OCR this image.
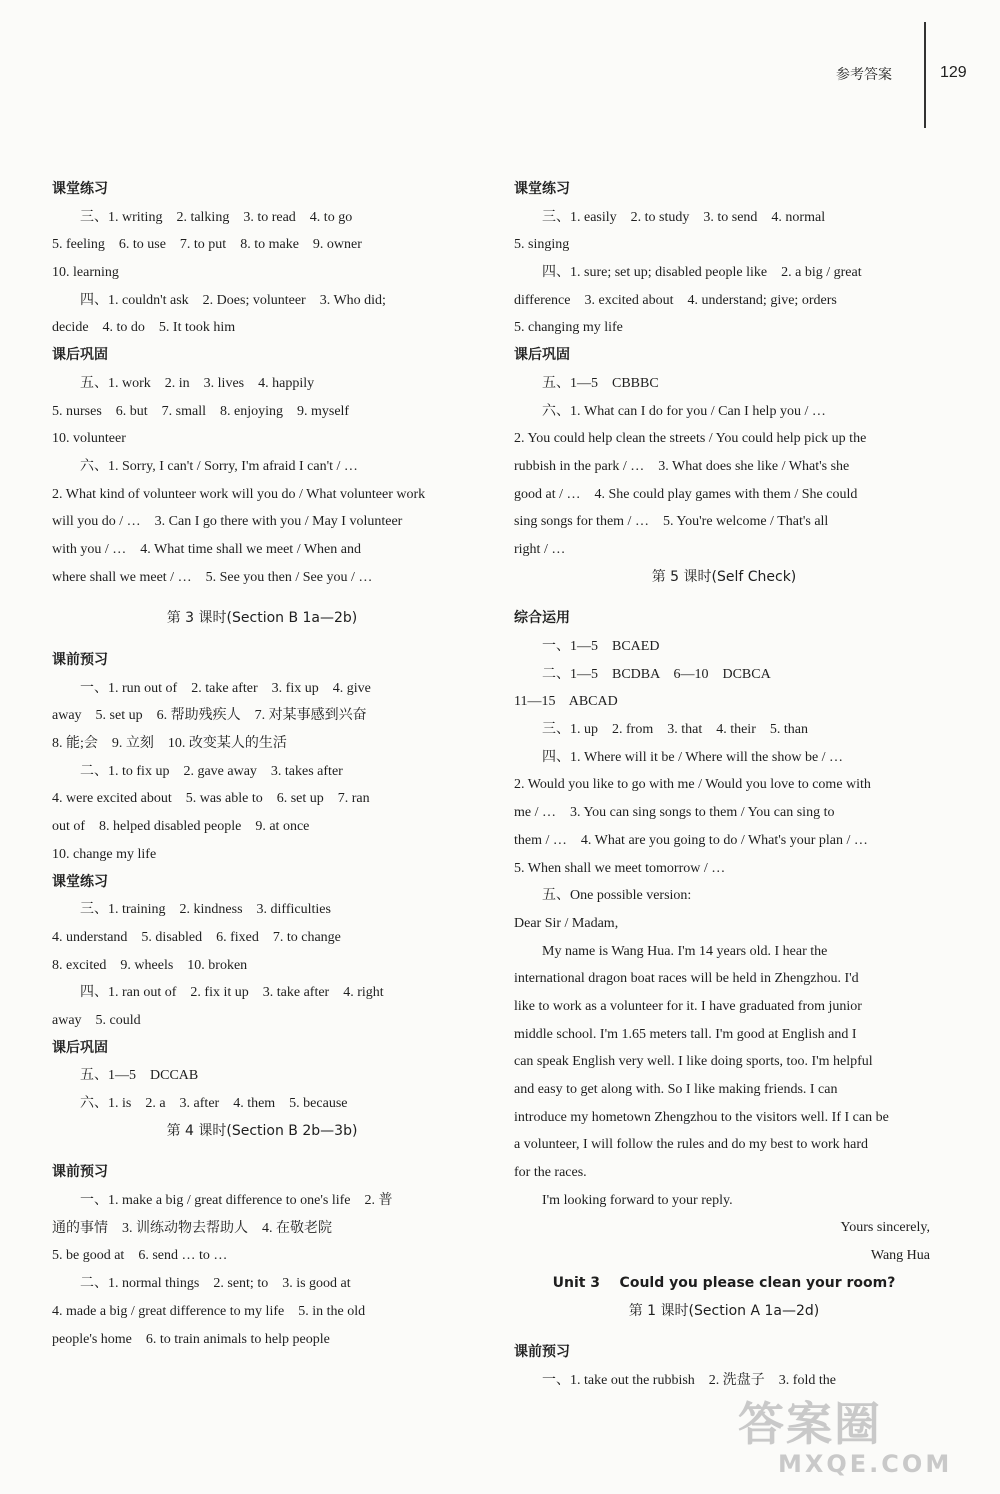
参考答案	129
课堂练习
三、1. writing    2. talking    3. to read    4. to go
5. feeling    6. to use    7. to put    8. to make    9. owner
10. learning
四、1. couldn't ask    2. Does; volunteer    3. Who did;
decide    4. to do    5. It took him
课后巩固
五、1. work    2. in    3. lives    4. happily
5. nurses    6. but    7. small    8. enjoying    9. myself
10. volunteer
六、1. Sorry, I can't / Sorry, I'm afraid I can't / …
2. What kind of volunteer work will you do / What volunteer work
will you do / …    3. Can I go there with you / May I volunteer
with you / …    4. What time shall we meet / When and
where shall we meet / …    5. See you then / See you / …
第 3 课时(Section B 1a—2b)
课前预习
一、1. run out of    2. take after    3. fix up    4. give
away    5. set up    6. 帮助残疾人    7. 对某事感到兴奋
8. 能;会    9. 立刻    10. 改变某人的生活
二、1. to fix up    2. gave away    3. takes after
4. were excited about    5. was able to    6. set up    7. ran
out of    8. helped disabled people    9. at once
10. change my life
课堂练习
三、1. training    2. kindness    3. difficulties
4. understand    5. disabled    6. fixed    7. to change
8. excited    9. wheels    10. broken
四、1. ran out of    2. fix it up    3. take after    4. right
away    5. could
课后巩固
五、1—5    DCCAB
六、1. is    2. a    3. after    4. them    5. because
第 4 课时(Section B 2b—3b)
课前预习
一、1. make a big / great difference to one's life    2. 普
通的事情    3. 训练动物去帮助人    4. 在敬老院
5. be good at    6. send … to …
二、1. normal things    2. sent; to    3. is good at
4. made a big / great difference to my life    5. in the old
people's home    6. to train animals to help people
课堂练习
三、1. easily    2. to study    3. to send    4. normal
5. singing
四、1. sure; set up; disabled people like    2. a big / great
difference    3. excited about    4. understand; give; orders
5. changing my life
课后巩固
五、1—5    CBBBC
六、1. What can I do for you / Can I help you / …
2. You could help clean the streets / You could help pick up the
rubbish in the park / …    3. What does she like / What's she
good at / …    4. She could play games with them / She could
sing songs for them / …    5. You're welcome / That's all
right / …
第 5 课时(Self Check)
综合运用
一、1—5    BCAED
二、1—5    BCDBA    6—10    DCBCA
11—15    ABCAD
三、1. up    2. from    3. that    4. their    5. than
四、1. Where will it be / Where will the show be / …
2. Would you like to go with me / Would you love to come with
me / …    3. You can sing songs to them / You can sing to
them / …    4. What are you going to do / What's your plan / …
5. When shall we meet tomorrow / …
五、One possible version:
Dear Sir / Madam,
My name is Wang Hua. I'm 14 years old. I hear the
international dragon boat races will be held in Zhengzhou. I'd
like to work as a volunteer for it. I have graduated from junior
middle school. I'm 1.65 meters tall. I'm good at English and I
can speak English very well. I like doing sports, too. I'm helpful
and easy to get along with. So I like making friends. I can
introduce my hometown Zhengzhou to the visitors well. If I can be
a volunteer, I will follow the rules and do my best to work hard
for the races.
I'm looking forward to your reply.
Yours sincerely,
Wang Hua
Unit 3    Could you please clean your room?
第 1 课时(Section A 1a—2d)
课前预习
一、1. take out the rubbish    2. 洗盘子    3. fold the
答案圈
MXQE.COM
